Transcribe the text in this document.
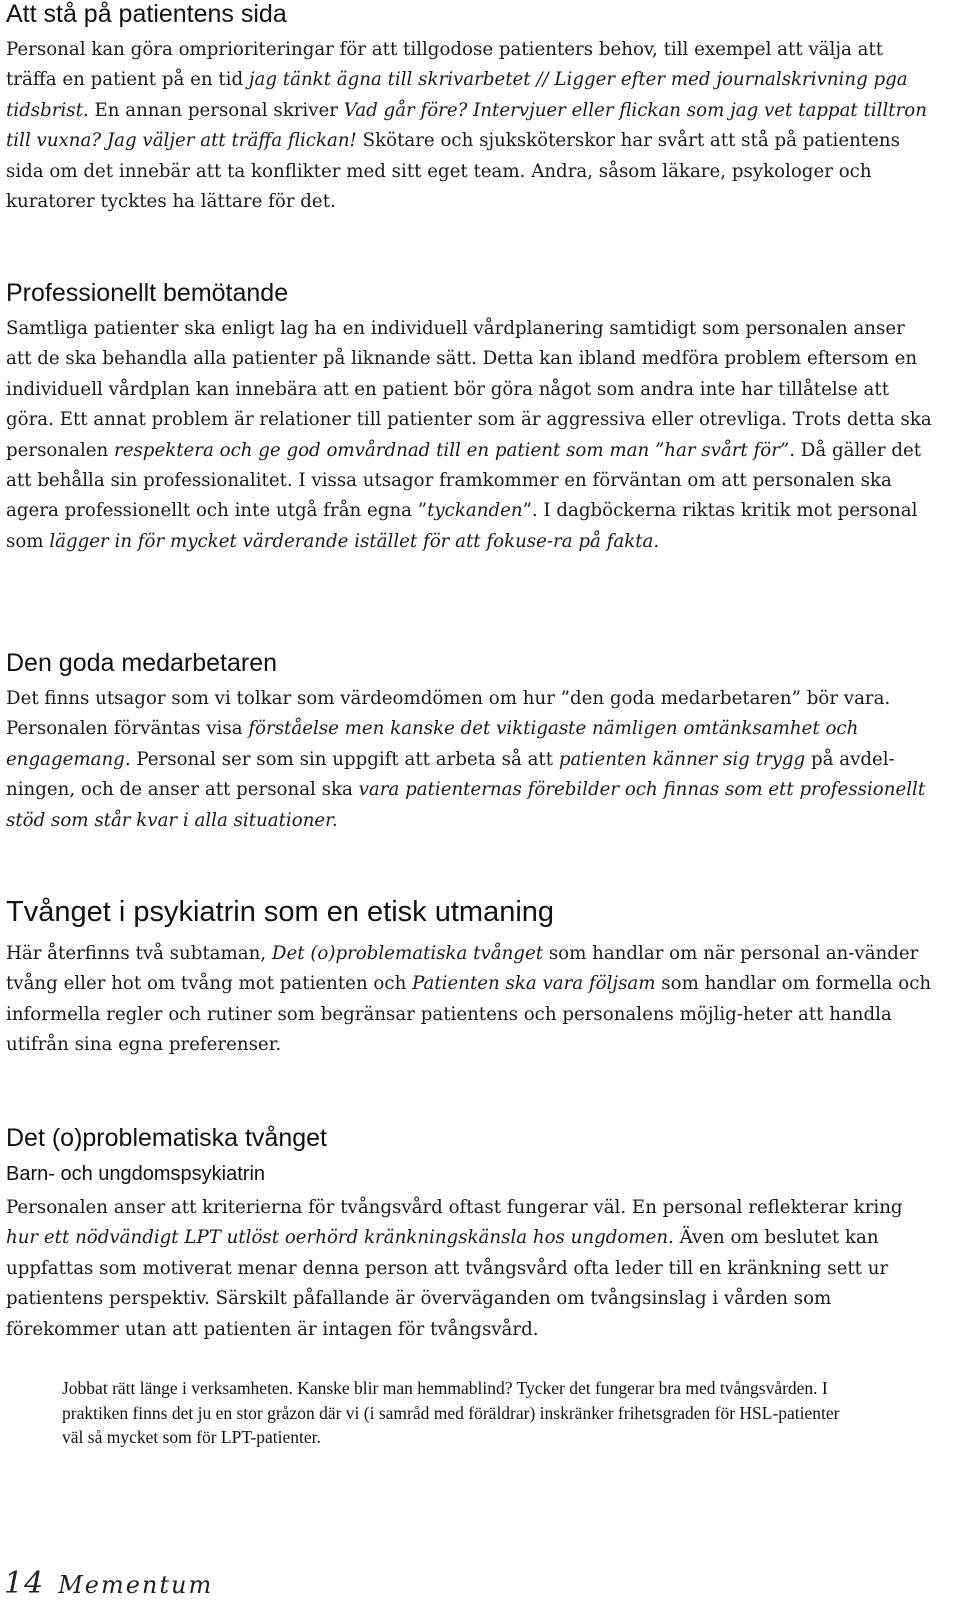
Att stå på patientens sida

Personal kan göra omprioriteringar för att tillgodose patienters behov, till exempel att välja att träffa en patient på en tid jag tänkt ägna till skrivarbetet // Ligger efter med journalskrivning pga tidsbrist. En annan personal skriver Vad går före? Intervjuer eller flickan som jag vet tappat tilltron till vuxna? Jag väljer att träffa flickan! Skötare och sjuksköterskor har svårt att stå på patientens sida om det innebär att ta konflikter med sitt eget team. Andra, såsom läkare, psykologer och kuratorer tycktes ha lättare för det.

Professionellt bemötande

Samtliga patienter ska enligt lag ha en individuell vårdplanering samtidigt som personalen anser att de ska behandla alla patienter på liknande sätt. Detta kan ibland medföra problem eftersom en individuell vårdplan kan innebära att en patient bör göra något som andra inte har tillåtelse att göra. Ett annat problem är relationer till patienter som är aggressiva eller otrevliga. Trots detta ska personalen respektera och ge god omvårdnad till en patient som man ”har svårt för”. Då gäller det att behålla sin professionalitet. I vissa utsagor framkommer en förväntan om att personalen ska agera professionellt och inte utgå från egna ”tyckanden”. I dagböckerna riktas kritik mot personal som lägger in för mycket värderande istället för att fokuse-ra på fakta.

Den goda medarbetaren

Det finns utsagor som vi tolkar som värdeomdömen om hur ”den goda medarbetaren” bör vara. Personalen förväntas visa förståelse men kanske det viktigaste nämligen omtänksamhet och engagemang. Personal ser som sin uppgift att arbeta så att patienten känner sig trygg på avdel-ningen, och de anser att personal ska vara patienternas förebilder och finnas som ett professionellt stöd som står kvar i alla situationer.

Tvånget i psykiatrin som en etisk utmaning

Här återfinns två subtaman, Det (o)problematiska tvånget som handlar om när personal an-vänder tvång eller hot om tvång mot patienten och Patienten ska vara följsam som handlar om formella och informella regler och rutiner som begränsar patientens och personalens möjlig-heter att handla utifrån sina egna preferenser.

Det (o)problematiska tvånget
Barn- och ungdomspsykiatrin

Personalen anser att kriterierna för tvångsvård oftast fungerar väl. En personal reflekterar kring hur ett nödvändigt LPT utlöst oerhörd kränkningskänsla hos ungdomen. Även om beslutet kan uppfattas som motiverat menar denna person att tvångsvård ofta leder till en kränkning sett ur patientens perspektiv. Särskilt påfallande är överväganden om tvångsinslag i vården som förekommer utan att patienten är intagen för tvångsvård.

Jobbat rätt länge i verksamheten. Kanske blir man hemmablind? Tycker det fungerar bra med tvångsvården. I praktiken finns det ju en stor gråzon där vi (i samråd med föräldrar) inskränker frihetsgraden för HSL-patienter väl så mycket som för LPT-patienter.

14 Mementum
